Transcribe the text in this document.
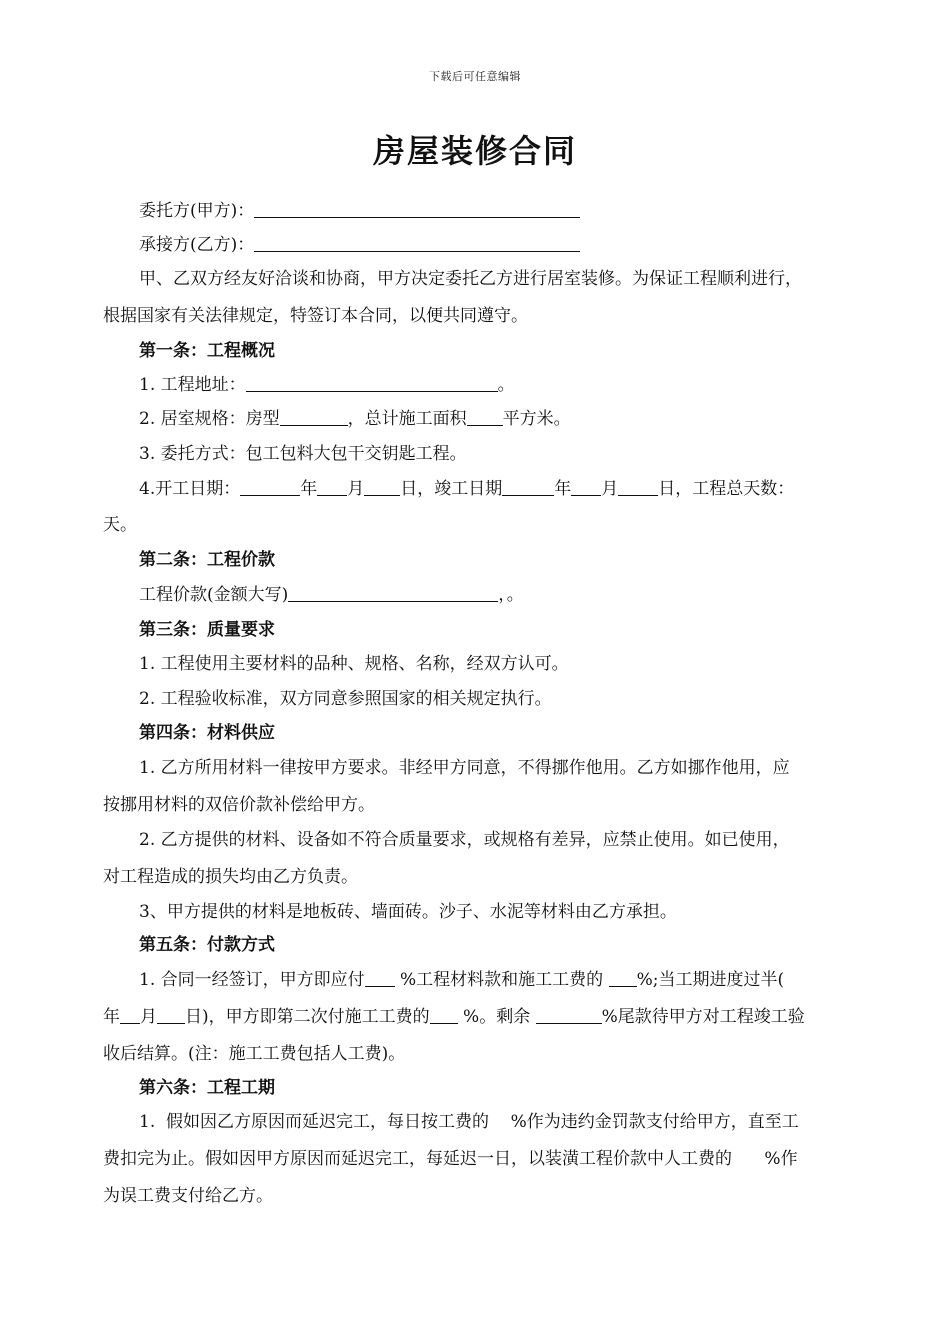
下载后可任意编辑
房屋装修合同
委托方(甲方)：
承接方(乙方)：
甲、乙双方经友好洽谈和协商，甲方决定委托乙方进行居室装修。为保证工程顺利进行，
根据国家有关法律规定，特签订本合同，以便共同遵守。
第一条：工程概况
1. 工程地址：	。
2. 居室规格：房型	，总计施工面积 平方米。
3. 委托方式：包工包料大包干交钥匙工程。
4.开工日期：	年 月 日，竣工日期	年 月 日，工程总天数：
天。
第二条：工程价款
工程价款(金额大写)	，。
第三条：质量要求
1. 工程使用主要材料的品种、规格、名称，经双方认可。
2. 工程验收标准，双方同意参照国家的相关规定执行。
第四条：材料供应
1. 乙方所用材料一律按甲方要求。非经甲方同意，不得挪作他用。乙方如挪作他用，应
按挪用材料的双倍价款补偿给甲方。
2. 乙方提供的材料、设备如不符合质量要求，或规格有差异，应禁止使用。如已使用，
对工程造成的损失均由乙方负责。
3、甲方提供的材料是地板砖、墙面砖。沙子、水泥等材料由乙方承担。
第五条：付款方式
1. 合同一经签订，甲方即应付 %工程材料款和施工工费的 %;当工期进度过半(
年 月 日)，甲方即第二次付施工工费的 %。剩余	%尾款待甲方对工程竣工验
收后结算。(注：施工工费包括人工费)。
第六条：工程工期
1.  假如因乙方原因而延迟完工，每日按工费的    %作为违约金罚款支付给甲方，直至工
费扣完为止。假如因甲方原因而延迟完工，每延迟一日，以装潢工程价款中人工费的      %作
为误工费支付给乙方。
